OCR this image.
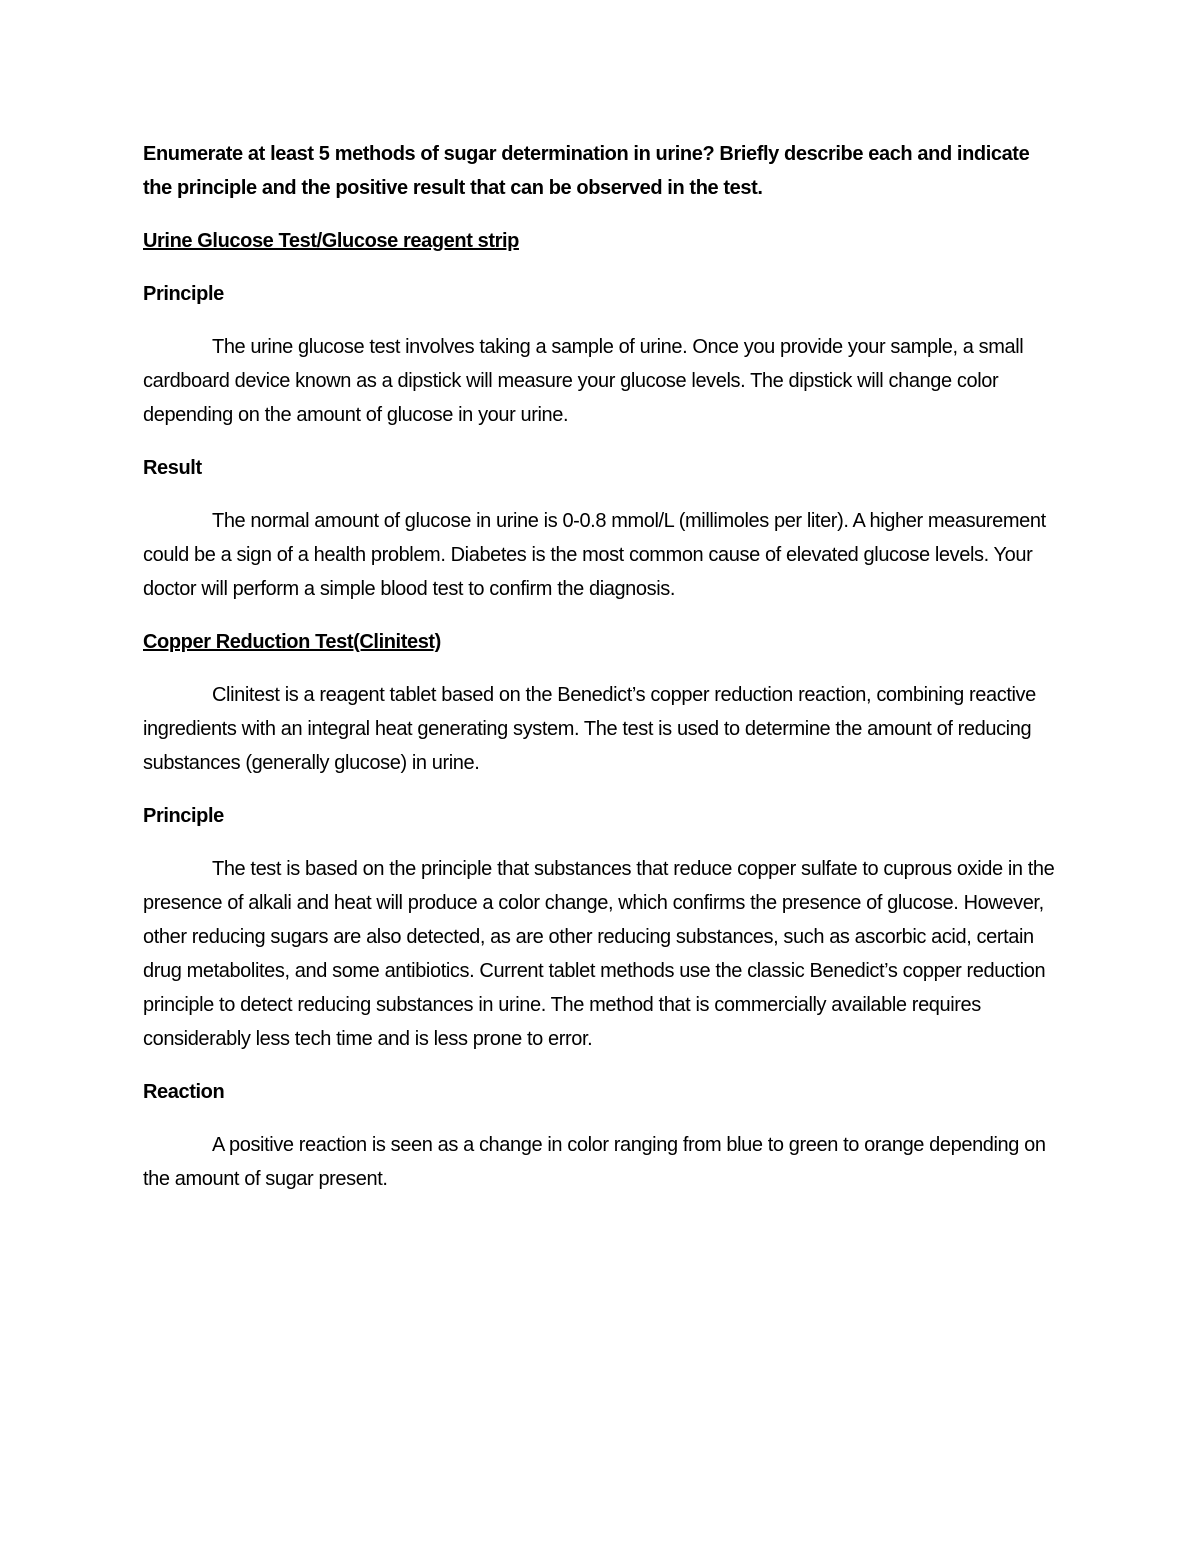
Enumerate at least 5 methods of sugar determination in urine? Briefly describe each and indicate the principle and the positive result that can be observed in the test.

Urine Glucose Test/Glucose reagent strip
Principle

The urine glucose test involves taking a sample of urine. Once you provide your sample, a small cardboard device known as a dipstick will measure your glucose levels. The dipstick will change color depending on the amount of glucose in your urine.

Result

The normal amount of glucose in urine is 0-0.8 mmol/L (millimoles per liter). A higher measurement could be a sign of a health problem. Diabetes is the most common cause of elevated glucose levels. Your doctor will perform a simple blood test to confirm the diagnosis.

Copper Reduction Test(Clinitest)

Clinitest is a reagent tablet based on the Benedict’s copper reduction reaction, combining reactive ingredients with an integral heat generating system. The test is used to determine the amount of reducing substances (generally glucose) in urine.

Principle

The test is based on the principle that substances that reduce copper sulfate to cuprous oxide in the presence of alkali and heat will produce a color change, which confirms the presence of glucose. However, other reducing sugars are also detected, as are other reducing substances, such as ascorbic acid, certain drug metabolites, and some antibiotics. Current tablet methods use the classic Benedict’s copper reduction principle to detect reducing substances in urine. The method that is commercially available requires considerably less tech time and is less prone to error.

Reaction

A positive reaction is seen as a change in color ranging from blue to green to orange depending on the amount of sugar present.
